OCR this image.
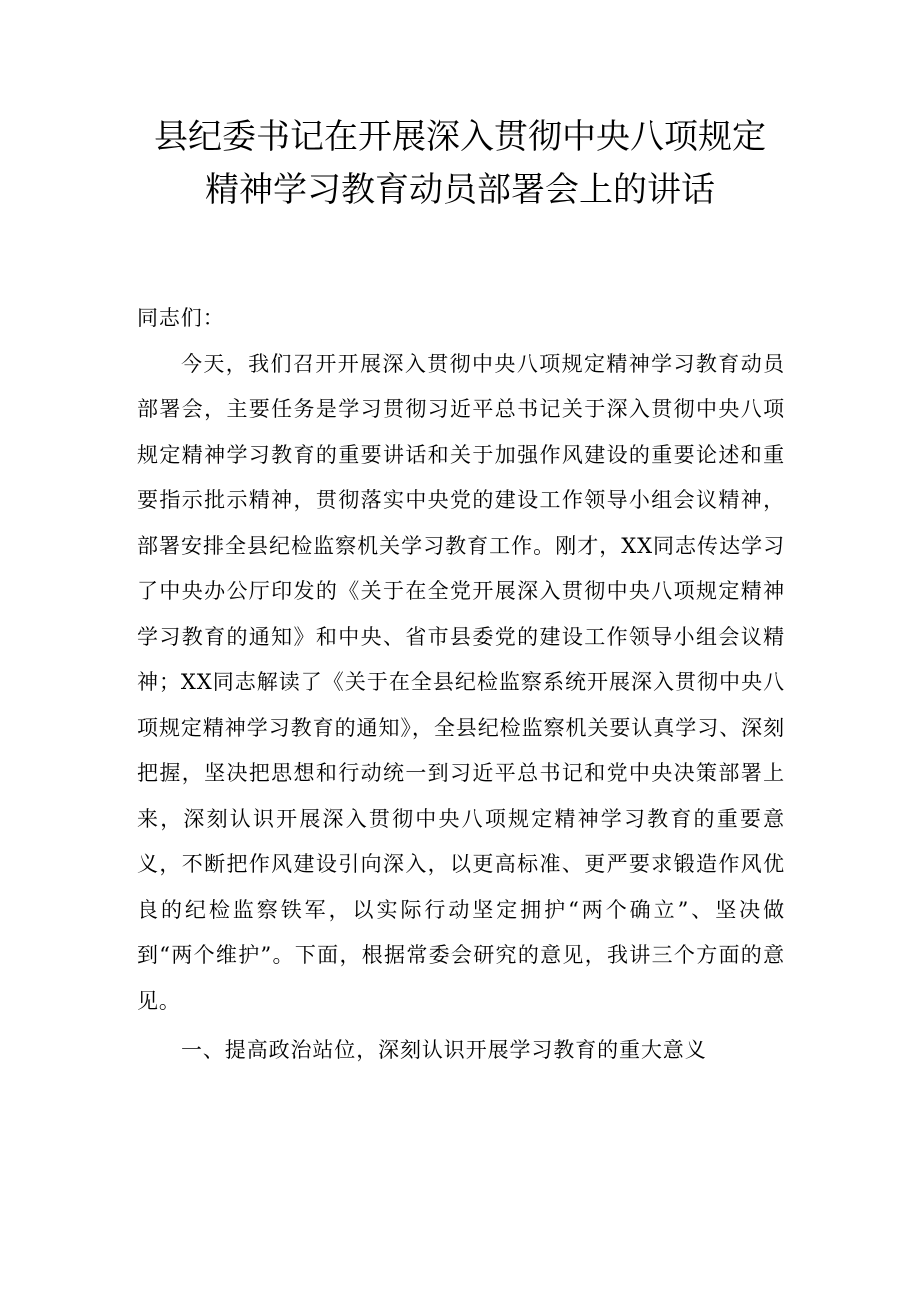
县纪委书记在开展深入贯彻中央八项规定
精神学习教育动员部署会上的讲话

同志们：

今天，我们召开开展深入贯彻中央八项规定精神学习教育动员部署会，主要任务是学习贯彻习近平总书记关于深入贯彻中央八项规定精神学习教育的重要讲话和关于加强作风建设的重要论述和重要指示批示精神，贯彻落实中央党的建设工作领导小组会议精神，部署安排全县纪检监察机关学习教育工作。刚才，XX同志传达学习了中央办公厅印发的《关于在全党开展深入贯彻中央八项规定精神学习教育的通知》和中央、省市县委党的建设工作领导小组会议精神；XX同志解读了《关于在全县纪检监察系统开展深入贯彻中央八项规定精神学习教育的通知》，全县纪检监察机关要认真学习、深刻把握，坚决把思想和行动统一到习近平总书记和党中央决策部署上来，深刻认识开展深入贯彻中央八项规定精神学习教育的重要意义，不断把作风建设引向深入，以更高标准、更严要求锻造作风优良的纪检监察铁军，以实际行动坚定拥护“两个确立”、坚决做到“两个维护”。下面，根据常委会研究的意见，我讲三个方面的意见。

一、提高政治站位，深刻认识开展学习教育的重大意义
